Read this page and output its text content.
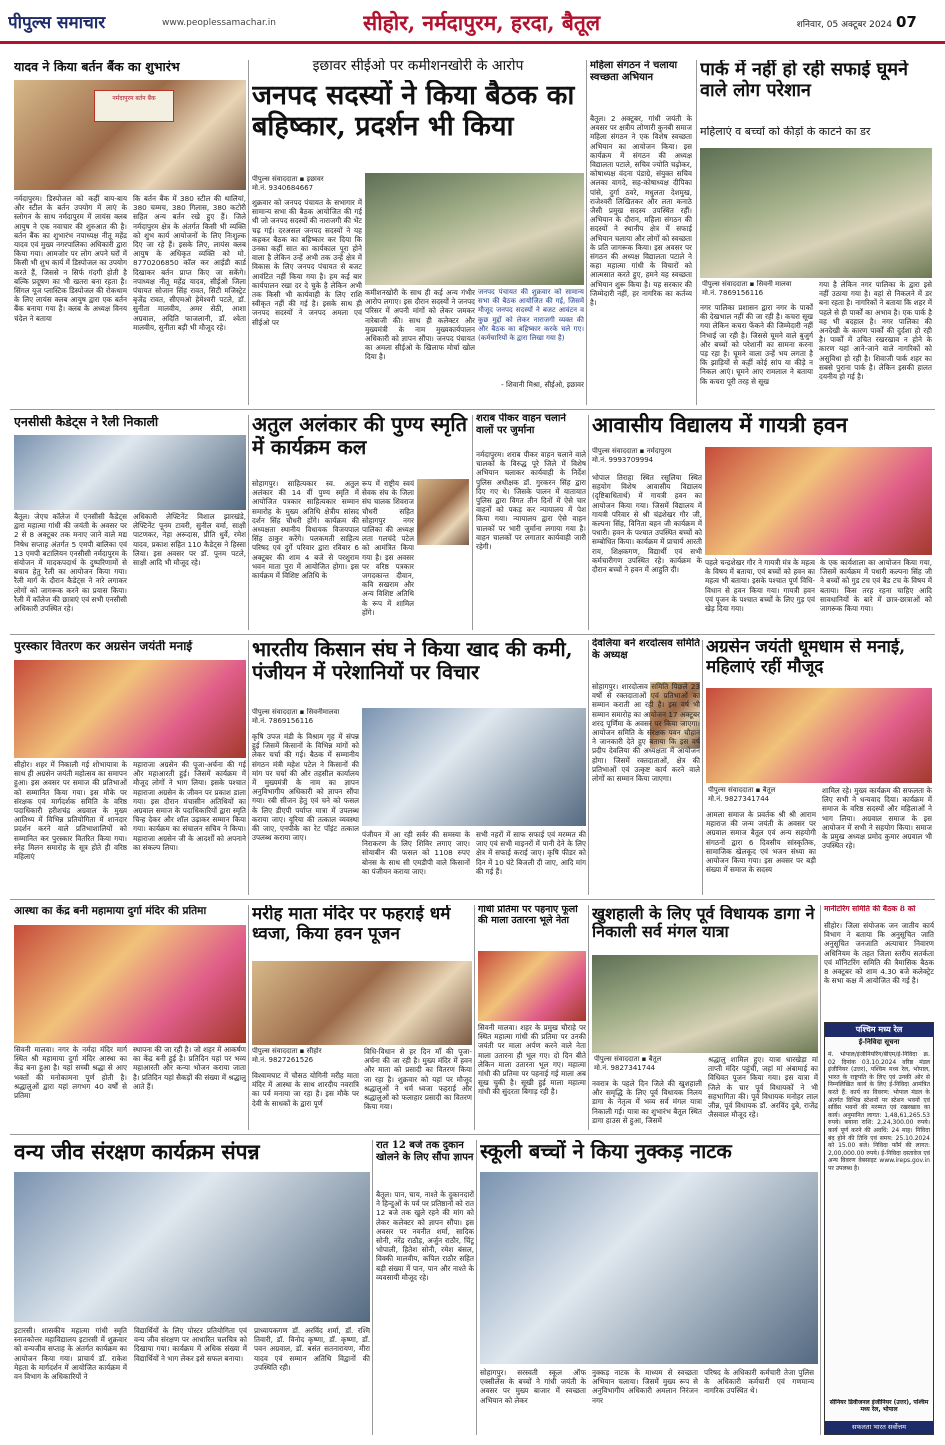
पीपुल्स समाचार	www.peoplessamachar.in	सीहोर, नर्मदापुरम, हरदा, बैतूल	शनिवार, 05 अक्टूबर 2024 07
यादव ने किया बर्तन बैंक का शुभारंभ
नर्मदापुरम बर्तन बैंक
नर्मदापुरम। डिस्पोजल को कहीं बाय-बाय और स्टील के बर्तन उपयोग में लाएं के स्लोगन के साथ नर्मदापुरम में लायंस क्लब आयुष ने एक नवाचार की शुरुआत की है। बर्तन बैंक का शुभारंभ नपाध्यक्ष नीतू महेंद्र यादव एवं मुख्य नगरपालिका अधिकारी द्वारा किया गया। आमजोर पर लोग अपने घरों में किसी भी शुभ कार्य में डिस्पोजल का उपयोग करते हैं, जिससे न सिर्फ गंदगी होती है बल्कि प्रदूषण का भी खतरा बना रहता है। सिंगल यूज प्लास्टिक डिस्पोजल की रोकथाम के लिए लायंस क्लब आयुष द्वारा एक बर्तन बैंक बनाया गया है। क्लब के अध्यक्ष विनय चंदेल ने बताया
कि बर्तन बैंक में 380 स्टील की थालियां, 380 चम्मच, 380 गिलास, 380 कटोरी सहित अन्य बर्तन रखे हुए हैं। जिले नर्मदापुरम क्षेत्र के अंतर्गत किसी भी व्यक्ति को शुभ कार्य आयोजनों के लिए निःशुल्क दिए जा रहे हैं। इसके लिए, लायंस क्लब आयुष के अधिकृत व्यक्ति को मो. 8770206850 कॉल कर आईडी कार्ड दिखाकर बर्तन प्राप्त किए जा सकेंगे। नपाध्यक्ष नीतू महेंद्र यादव, सीईओ जिला पंचायत सोजान सिंह रावत, सिटी मजिस्ट्रेट बृजेंद्र रावत, सीएमओ हेमेश्वरी पटले, डॉ. सुनीता मालवीय, अमर सेठी, आशा अग्रवाल, अदिति फाजलानी, डॉ. श्वेता मालवीय, सुनीता बड़ी भी मौजूद रहे।
इछावर सीईओ पर कमीशनखोरी के आरोप
जनपद सदस्यों ने किया बैठक का बहिष्कार, प्रदर्शन भी किया
पीपुल्स संवाददाता ▪ इछावर
मो.नं. 9340684667
शुक्रवार को जनपद पंचायत के सभागार में सामान्य सभा की बैठक आयोजित की गई थी जो जनपद सदस्यों की नाराजगी की भेंट चढ़ गई। दरअसल जनपद सदस्यों ने यह कहकर बैठक का बहिष्कार कर दिया कि उनका कहीं सात का कार्यकाल पूरा होने वाला है लेकिन उन्हें अभी तक उन्हें क्षेत्र में विकास के लिए जनपद पंचायत से बजट आवंटित नहीं किया गया है। हम कई बार कार्यपालन रखा दर दे चुके है लेकिन अभी तक किसी भी कार्यवाही के लिए राशि स्वीकृत नहीं की गई है। इसके साथ ही जनपद सदस्यों ने जनपद अमला एवं सीईओ पर
कमीशनखोरी के साथ ही कई अन्य गंभीर आरोप लगाए। इस दौरान सदस्यों ने जनपद परिसर में अपनी मांगों को लेकर जमकर नारेबाजी की। साथ ही कलेक्टर और मुख्यमंत्री के नाम मुख्यकार्यपालन अधिकारी को ज्ञापन सौंपा। जनपद पंचायत का अमला सीईओ के खिलाफ मोर्चा खोल दिया है।
जनपद पंचायत की शुक्रवार को सामान्य सभा की बैठक आयोजित की गई, जिसमें मौजूद जनपद सदस्यों ने बजट आवंटन व कुछ मुद्दों को लेकर नाराजगी व्यक्त की और बैठक का बहिष्कार करके चले गए। (कर्मचारियों के द्वारा लिखा गया है)
- शिवानी मिश्रा, सीईओ, इछावर
महिला संगठन ने चलाया स्वच्छता अभियान
बैतूल। 2 अक्टूबर, गांधी जयंती के अवसर पर क्षत्रीय लोणारी कुनबी समाज महिला संगठन ने एक विशेष स्वच्छता अभियान का आयोजन किया। इस कार्यक्रम में संगठन की अध्यक्ष विद्यालता पटाले, सचिव ज्योति चढ़ोकर, कोषाध्यक्ष वंदना पंडाग्रे, संयुक्त सचिव अलका वागदे, सह-कोषाध्यक्ष दीपिका पांसे, दुर्गा ठवरे, मधुलता देशमुख, राजेश्वरी लिखितकर और लता कनाठे जैसी प्रमुख सदस्य उपस्थित रहीं। अभियान के दौरान, महिला संगठन की सदस्यों ने स्थानीय क्षेत्र में सफाई अभियान चलाया और लोगों को स्वच्छता के प्रति जागरूक किया। इस अवसर पर संगठन की अध्यक्ष विद्यालता पटाले ने कहा महात्मा गांधी के विचारों को आत्मसात करते हुए, हमने यह स्वच्छता अभियान शुरू किया है। यह सरकार की जिम्मेदारी नहीं, हर नागरिक का कर्तव्य है।
पार्क में नहीं हो रही सफाई घूमने वाले लोग परेशान
महिलाएं व बच्चों को कीड़ों के काटने का डर
पीपुल्स संवाददाता ▪ सिवनी मालवा
मो.नं. 7869156116
नगर पालिका प्रशासन द्वारा नगर के पार्कों की देखभाल नहीं की जा रही है। कचरा सूख गया लेकिन कचरा फेंकने की जिम्मेदारी नहीं निभाई जा रही है। जिससे घूमने वाले बुजुर्ग और बच्चों को परेशानी का सामना करना पड़ रहा है। घूमने वाला उन्हें भय लगता है कि झाड़ियों से कहीं कोई सांप या कीड़े न निकल आएं। घूमने आए रामलाल ने बताया कि कचरा पूरी तरह से सूख
गया है लेकिन नगर पालिका के द्वारा इसे नहीं उठाया गया है। वहां से निकलने में डर बना रहता है। नागरिकों ने बताया कि शहर में पहले से ही पार्कों का अभाव है। एक पार्क है वह भी बदहाल है। नगर पालिका की अनदेखी के कारण पार्कों की दुर्दशा हो रही है। पार्कों में उचित रखरखाव न होने के कारण यहां आने-जाने वाले नागरिकों को असुविधा हो रही है। शिवाजी पार्क शहर का सबसे पुराना पार्क है। लेकिन इसकी हालत दयनीय हो गई है।
एनसीसी कैडेट्स ने रैली निकाली
बैतूल। जेएच कॉलेज में एनसीसी कैडेट्स द्वारा महात्मा गांधी की जयंती के अवसर पर 2 से 8 अक्टूबर तक मनाए जाने वाले मद्य निषेध सप्ताह अंतर्गत 5 एमपी बालिका एवं 13 एमपी बटालियन एनसीसी नर्मदापुरम के संयोजन में मादकपदार्थ के दुष्परिणामों से बचाव हेतु रैली का आयोजन किया गया। रैली मार्ग के दौरान कैडेट्स ने नारे लगाकर लोगों को जागरूक करने का प्रयास किया। रैली में कॉलेज की छात्राएं एवं सभी एनसीसी अधिकारी उपस्थित रहे।
अधिकारी लेफ्टिनेंट विशाल झारखंडे, लेफ्टिनेंट पूनम टावरी, सुनील वर्मा, साक्षी पाटणकर, नेहा अरूदास, प्रीति धुर्वे, रमेश यादव, प्रकाश सहित 110 कैडेट्स ने हिस्सा लिया। इस अवसर पर डॉ. पूनम पटले, साक्षी आदि भी मौजूद रहे।
अतुल अलंकार की पुण्य स्मृति में कार्यक्रम कल
सोहागपुर। साहित्यकार स्व. अतुल अलंकार की 14 वीं पुण्य स्मृति में आयोजित पत्रकार साहित्यकार सम्मान समारोह के मुख्य अतिथि क्षेत्रीय सांसद दर्शन सिंह चौधरी होंगे। कार्यक्रम की अध्यक्षता स्थानीय विधायक विजयपाल सिंह ठाकुर करेंगे। पलकमती साहित्य परिषद एवं दुर्गे परिवार द्वारा रविवार 6 अक्टूबर की शाम 4 बजे से परशुराम भवन माता पुरा में आयोजित होगा। इस कार्यक्रम में विशिष्ट अतिथि के
रूप में राष्ट्रीय स्वयं सेवक संघ के जिला संघ चालक शिवराज चौधरी सहित सोहागपुर नगर पालिका की अध्यक्ष लता गलचंदे पटेल को आमंत्रित किया गया है। इस अवसर पर वरिष्ठ पत्रकार जगदकान्त दीवान, कवि सखराम और अन्य विशिष्ट अतिथि के रूप में शामिल होंगे।
शराब पीकर वाहन चलाने वालों पर जुर्माना
नर्मदापुरम। शराब पीकर वाहन चलाने वाले चालकों के विरुद्ध पूरे जिले में विशेष अभियान चलाकर कार्यवाही के निर्देश पुलिस अधीक्षक डॉ. गुरकरन सिंह द्वारा दिए गए थे। जिसके पालन में यातायात पुलिस द्वारा विगत तीन दिनों में ऐसे चार वाहनों को पकड़ कर न्यायालय में पेश किया गया। न्यायालय द्वारा ऐसे वाहन चालकों पर भारी जुर्माना लगाया गया है। वाहन चालकों पर लगातार कार्यवाही जारी रहेगी।
आवासीय विद्यालय में गायत्री हवन
पीपुल्स संवाददाता ▪ नर्मदापुरम
मो.नं. 9993709994
भोपाल तिराहा स्थित रसूलिया स्थित सहयोग विशेष आवासीय विद्यालय (दृष्टिबाधितार्थ) में गायत्री हवन का आयोजन किया गया। जिसमें विद्यालय में गायत्री परिवार से श्री चंद्रशेखर गौर जी, कल्पना सिंह, विनिता बहन जी कार्यक्रम में पधारी। हवन के पश्चात उपस्थित बच्चों को सम्बोधित किया। कार्यक्रम में प्राचार्य आरती राय, शिक्षकगण, विद्यार्थी एवं सभी कर्मचारीगण उपस्थित रहे। कार्यक्रम के दौरान बच्चों ने हवन में आहुति दी।
पहले चन्द्रशेखर गौर ने गायत्री मंत्र के महत्व के विषय में बताया, एवं बच्चों को हवन का महत्व भी बताया। इसके पश्चात पूर्ण विधि-विधान से हवन किया गया। गायत्री हवन एवं पूजन के पश्चात बच्चों के लिए गुड़ एवं खेड़ दिया गया।
के एक कार्यशाला का आयोजन किया गया, जिसमें कार्यक्रम में पधारी कल्पना सिंह जी ने बच्चों को गुड टच एवं बैड टच के विषय में बताया। किस तरह रहना चाहिए आदि सावधानियों के बारे में छात्र-छात्राओं को जागरूक किया गया।
पुरस्कार वितरण कर अग्रसेन जयंती मनाई
सीहोर। शहर में निकाली गई शोभायात्रा के साथ ही अग्रसेन जयंती महोत्सव का समापन हुआ। इस अवसर पर समाज की प्रतिभाओं को सम्मानित किया गया। इस मौके पर संरक्षक एवं मार्गदर्शक समिति के वरिष्ठ पदाधिकारी हरीशचंद्र अग्रवाल के मुख्य आतिथ्य में विभिन्न प्रतियोगिता में शानदार प्रदर्शन करने वाले प्रतिभाशालियों को सम्मानित कर पुरस्कार वितरित किया गया। स्नेह मिलन समारोह के सूत्र होते ही वरिष्ठ महिलाएं
महाराजा अग्रसेन की पूजा-अर्चना की गई और महाआरती हुई। जिसमें कार्यक्रम में मौजूद लोगों ने भाग लिया। इसके पश्चात महाराजा अग्रसेन के जीवन पर प्रकाश डाला गया। इस दौरान मंचासीन अतिथियों का अग्रवाल समाज के पदाधिकारियों द्वारा स्मृति चिन्ह देकर और शॉल उढ़ाकर सम्मान किया गया। कार्यक्रम का संचालन सचिव ने किया। महाराजा अग्रसेन जी के आदर्शों को अपनाने का संकल्प लिया।
भारतीय किसान संघ ने किया खाद की कमी, पंजीयन में परेशानियों पर विचार
पीपुल्स संवाददाता ▪ सिवनीमालवा
मो.नं. 7869156116
कृषि उपज मंडी के विश्राम गृह में संपन्न हुई जिसमें किसानों के विभिन्न मांगों को लेकर चर्चा की गई। बैठक में सम्मानीय संगठन मंत्री महेश पटेल ने किसानों की मांग पर चर्चा की और तहसील कार्यालय में मुख्यमंत्री के नाम का ज्ञापन अनुविभागीय अधिकारी को ज्ञापन सौंपा गया। रबी सीजन हेतु एवं चने को फसल के लिए डीएपी पर्याप्त मात्रा में उपलब्ध कराया जाए। यूरिया की तत्काल व्यवस्था की जाए, एनपीके का रेट पॉइंट तत्काल उपलब्ध कराया जाए।	पंजीयन में आ रही सर्वर की समस्या के निराकरण के लिए शिविर लगाए जाए। सोयाबीन की फसल को 1108 रुपए बोनस के साथ सी एमडीपी वाले किसानों का पंजीयन कराया जाए।
सभी नहरों में साफ सफाई एवं मरम्मत की जाए एवं सभी माइनरों में पानी देने के लिए क्षेत्र में सफाई कराई जाए। कृषि फीडर को दिन में 10 घंटे बिजली दी जाए, आदि मांग की गई हैं।
देवलिया बने शरदोत्सव समिति के अध्यक्ष
सोहागपुर। शारदोत्सव समिति पिछले 23 वर्षों से रक्तदाताओं एवं प्रतिभाओं का सम्मान कराती आ रही है। इस वर्ष भी सम्मान समारोह का आयोजन 17 अक्टूबर शरद पूर्णिमा के अवसर पर किया जाएगा। आयोजन समिति के संरक्षक पवन चौहान ने जानकारी देते हुए बताया कि इस वर्ष प्रदीप देवलिया की अध्यक्षता में आयोजन होगा। जिसमें रक्तदाताओं, क्षेत्र की प्रतिभाओं एवं उत्कृष्ट कार्य करने वाले लोगों का सम्मान किया जाएगा।
अग्रसेन जयंती धूमधाम से मनाई, महिलाएं रहीं मौजूद
पीपुल्स संवाददाता ▪ बैतूल
मो.नं. 9827341744
आमला समाज के प्रवर्तक श्री श्री आराम महाराज की जन्म जयंती के अवसर पर अग्रवाल समाज बैतूल एवं अन्य सहयोगी संगठनों द्वारा 6 दिवसीय सांस्कृतिक, सामाजिक खेलकूद एवं भजन संध्या का आयोजन किया गया। इस अवसर पर बड़ी संख्या में समाज के सदस्य
शामिल रहे। मुख्य कार्यक्रम की सफलता के लिए सभी ने धन्यवाद दिया। कार्यक्रम में समाज के वरिष्ठ सदस्यों और महिलाओं ने भाग लिया। अग्रवाल समाज के इस आयोजन में सभी ने सहयोग किया। समाज के प्रमुख अध्यक्ष प्रमोद कुमार अग्रवाल भी उपस्थित रहे।
आस्था का केंद्र बनी महामाया दुर्गा मंदिर की प्रतिमा
सिवनी मालवा। नगर के नर्मदा मंदिर मार्ग स्थित श्री महामाया दुर्गा मंदिर आस्था का केंद्र बना हुआ है। यहां सच्ची श्रद्धा से आए भक्तों की मनोकामना पूर्ण होती है। श्रद्धालुओं द्वारा यहां लगभग 40 वर्षों से प्रतिमा
स्थापना की जा रही है। जो शहर में आकर्षण का केंद्र बनी हुई है। प्रतिदिन यहां पर भव्य महाआरती और कन्या भोजन कराया जाता है। प्रतिदिन यहां सैकड़ों की संख्या में श्रद्धालु आते हैं।
मरीह माता मंदिर पर फहराई धर्म ध्वजा, किया हवन पूजन
पीपुल्स संवाददाता ▪ सीहोर
मो.नं. 9827261526
विश्वामघाट में चौसठ योगिनी मरीह माता मंदिर में आस्था के साथ शारदीय नवरात्रि का पर्व मनाया जा रहा है। इस मौके पर देवी के साधकों के द्वारा पूर्ण
विधि-विधान से हर दिन माँ की पूजा-अर्चना की जा रही है। मुख्य मंदिर में हवन और माता को प्रसादी का वितरण किया जा रहा है। शुक्रवार को यहां पर मौजूद श्रद्धालुओं ने धर्म ध्वजा फहराई और श्रद्धालुओं को फलाहार प्रसादी का वितरण किया गया।
गांधी प्रतिमा पर पहनाए फूलों की माला उतारना भूले नेता
सिवनी मालवा। शहर के प्रमुख चौराहे पर स्थित महात्मा गांधी की प्रतिमा पर उनकी जयंती पर माला अर्पण करने वाले नेता माला उतारना ही भूल गए। दो दिन बीते लेकिन माला उतारना भूल गए। महात्मा गांधी की प्रतिमा पर पहनाई गई माला अब सूख चुकी है। सूखी हुई माला महात्मा गांधी की सुंदरता बिगाड़ रही है।
खुशहाली के लिए पूर्व विधायक डागा ने निकाली सर्व मंगल यात्रा
पीपुल्स संवाददाता ▪ बैतूल
मो.नं. 9827341744
नवरात्र के पहले दिन जिले की खुशहाली और समृद्धि के लिए पूर्व विधायक निलय डागा के नेतृत्व में भव्य सर्व मंगल यात्रा निकाली गई। यात्रा का शुभारंभ बैतूल स्थित डागा हाउस से हुआ, जिसमें
श्रद्धालु शामिल हुए। यात्रा धारखेड़ा मां ताप्ती मंदिर पहुंची, जहां मां अंबामाई का विधिवत पूजन किया गया। इस यात्रा में जिले के चार पूर्व विधायकों ने भी सहभागिता की। पूर्व विधायक मनोहर लाल जीन्न, पूर्व विधायक डॉ. अरविंद दुबे, राजेंद्र जैसवाल मौजूद रहे।
मानीटरिंग समिति की बैठक 8 को
सीहोर। जिला संयोजक जन जातीय कार्य विभाग ने बताया कि अनुसूचित जाति अनुसूचित जनजाति अत्याचार निवारण अधिनियम के तहत जिला स्तरीय सतर्कता एवं मॉनिटरिंग समिति की त्रैमासिक बैठक 8 अक्टूबर को शाम 4.30 बजे कलेक्ट्रेट के सभा कक्ष में आयोजित की गई है।
पश्चिम मध्य रेल
ई-निविदा सूचना
मं. भोपाल/इंजीनियरिंग/बीएम/ई-निविदा क्र. 02 दिनांक 03.10.2024 वरिष्ठ मंडल इंजीनियर (उत्तर), पश्चिम मध्य रेल, भोपाल, भारत के राष्ट्रपति के लिए एवं उनकी ओर से निम्नलिखित कार्य के लिए ई-निविदा आमंत्रित करते हैं: कार्य का विवरण: भोपाल मंडल के अंतर्गत विभिन्न स्टेशनों पर स्टेशन भवनों एवं सर्विस भवनों की मरम्मत एवं रखरखाव का कार्य। अनुमानित लागत: 1,48,61,265.53 रुपये। बयाना राशि: 2,24,300.00 रुपये। कार्य पूर्ण करने की अवधि: 24 माह। निविदा बंद होने की तिथि एवं समय: 25.10.2024 को 15.00 बजे। निविदा फॉर्म की लागत: 2,00,000.00 रुपये। ई-निविदा दस्तावेज एवं अन्य विवरण वेबसाइट www.ireps.gov.in पर उपलब्ध है।
सीनियर डिवीजनल इंजीनियर (उत्तर), पश्चिम मध्य रेल, भोपाल
सफलता भारत सर्वोत्तम
वन्य जीव संरक्षण कार्यक्रम संपन्न
इटारसी। शासकीय महात्मा गांधी स्मृति स्नातकोत्तर महाविद्यालय इटारसी में शुक्रवार को वन्यजीव सप्ताह के अंतर्गत कार्यक्रम का आयोजन किया गया। प्राचार्य डॉ. राकेश मेहता के मार्गदर्शन में आयोजित कार्यक्रम में वन विभाग के अधिकारियों ने
विद्यार्थियों के लिए पोस्टर प्रतियोगिता एवं वन्य जीव संरक्षण पर आधारित चलचित्र को दिखाया गया। कार्यक्रम में अधिक संख्या में विद्यार्थियों ने भाग लेकर इसे सफल बनाया।
प्राध्यापकगण डॉ. अरविंद शर्मा, डॉ. रश्मि तिवारी, डॉ. विनोद कृष्णा, डॉ. कृष्णा, डॉ. पवन अग्रवाल, डॉ. बसंत सतनारायण, मीरा यादव एवं सम्मान अतिथि विद्वानों की उपस्थिति रही।
रात 12 बजे तक दुकान खोलने के लिए सौंपा ज्ञापन
बैतूल। पान, चाय, नाश्ते के दुकानदारों ने हिन्दुओं के पर्व पर प्रतिष्ठानों को रात 12 बजे तक खुले रहने की मांग को लेकर कलेक्टर को ज्ञापन सौंपा। इस अवसर पर नवनीत शर्मा, सादिक सोनी, नरेंद्र राठौड़, अर्जुन राठौर, चिंटू भोपाली, हितेश सोनी, रमेश बंसल, विक्की मालवीय, कपिल राठौर सहित बड़ी संख्या में पान, पान और नाश्ते के व्यवसायी मौजूद रहे।
स्कूली बच्चों ने किया नुक्कड़ नाटक
सोहागपुर। सरस्वती स्कूल ऑफ एक्सीलेंस के बच्चों ने गांधी जयंती के अवसर पर मुख्य बाजार में स्वच्छता अभियान को लेकर
नुक्कड़ नाटक के माध्यम से स्वच्छता अभियान चलाया। जिसमें मुख्य रूप से अनुविभागीय अधिकारी अमलान निरंजन नगर
परिषद के अधिकारी कर्मचारी तेजा पुलिस के अधिकारी कर्मचारी एवं गणमान्य नागरिक उपस्थित थे।
